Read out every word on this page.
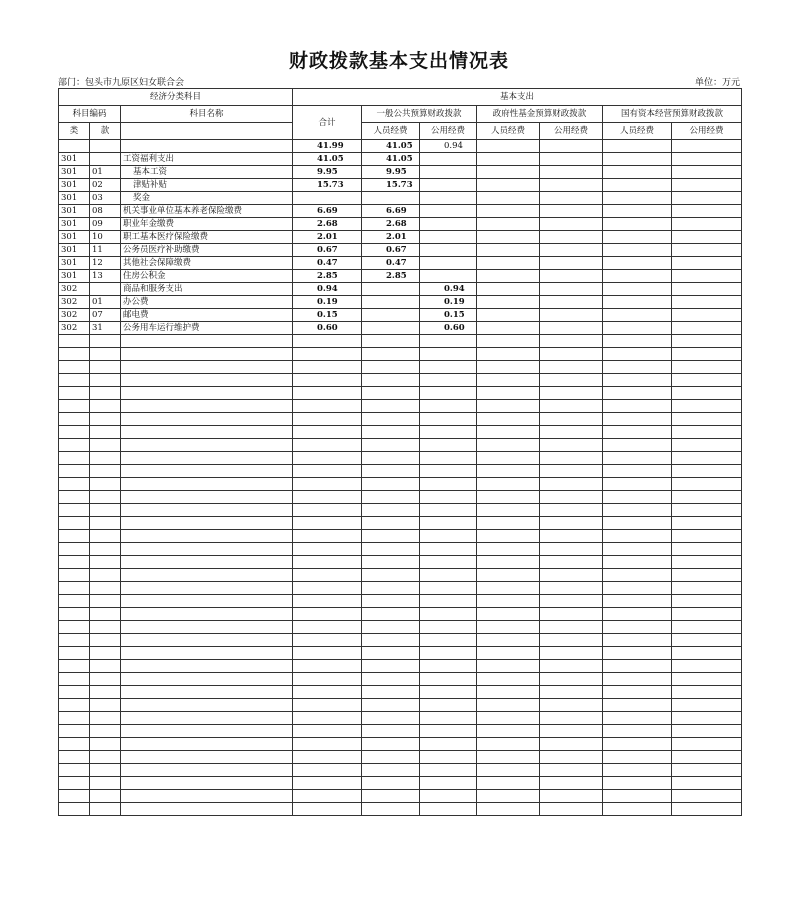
财政拨款基本支出情况表
部门：包头市九原区妇女联合会	单位：万元
经济分类科目			基本支出						
科目编码		科目名称	合计	一般公共预算财政拨款		政府性基金预算财政拨款		国有资本经营预算财政拨款	
类	款			人员经费	公用经费	人员经费	公用经费	人员经费	公用经费

			41.99	41.05	0.94				
301		工资福利支出	41.05	41.05					
301	01	基本工资	9.95	9.95					
301	02	津贴补贴	15.73	15.73					
301	03	奖金							
301	08	机关事业单位基本养老保险缴费	6.69	6.69					
301	09	职业年金缴费	2.68	2.68					
301	10	职工基本医疗保险缴费	2.01	2.01					
301	11	公务员医疗补助缴费	0.67	0.67					
301	12	其他社会保障缴费	0.47	0.47					
301	13	住房公积金	2.85	2.85					
302		商品和服务支出	0.94		0.94				
302	01	办公费	0.19		0.19				
302	07	邮电费	0.15		0.15				
302	31	公务用车运行维护费	0.60		0.60				
